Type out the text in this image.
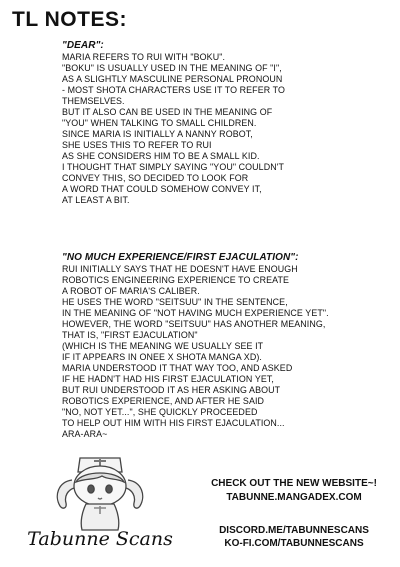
TL NOTES:
"DEAR":
MARIA REFERS TO RUI WITH "BOKU".
"BOKU" IS USUALLY USED IN THE MEANING OF "I",
AS A SLIGHTLY MASCULINE PERSONAL PRONOUN
- MOST SHOTA CHARACTERS USE IT TO REFER TO
THEMSELVES.
BUT IT ALSO CAN BE USED IN THE MEANING OF
"YOU" WHEN TALKING TO SMALL CHILDREN.
SINCE MARIA IS INITIALLY A NANNY ROBOT,
SHE USES THIS TO REFER TO RUI
AS SHE CONSIDERS HIM TO BE A SMALL KID.
I THOUGHT THAT SIMPLY SAYING "YOU" COULDN'T
CONVEY THIS, SO DECIDED TO LOOK FOR
A WORD THAT COULD SOMEHOW CONVEY IT,
AT LEAST A BIT.
"NO MUCH EXPERIENCE/FIRST EJACULATION":
RUI INITIALLY SAYS THAT HE DOESN'T HAVE ENOUGH
ROBOTICS ENGINEERING EXPERIENCE TO CREATE
A ROBOT OF MARIA'S CALIBER.
HE USES THE WORD "SEITSUU" IN THE SENTENCE,
IN THE MEANING OF "NOT HAVING MUCH EXPERIENCE YET".
HOWEVER, THE WORD "SEITSUU" HAS ANOTHER MEANING,
THAT IS, "FIRST EJACULATION"
(WHICH IS THE MEANING WE USUALLY SEE IT
IF IT APPEARS IN ONEE X SHOTA MANGA XD).
MARIA UNDERSTOOD IT THAT WAY TOO, AND ASKED
IF HE HADN'T HAD HIS FIRST EJACULATION YET,
BUT RUI UNDERSTOOD IT AS HER ASKING ABOUT
ROBOTICS EXPERIENCE, AND AFTER HE SAID
"NO, NOT YET...", SHE QUICKLY PROCEEDED
TO HELP OUT HIM WITH HIS FIRST EJACULATION...
ARA-ARA~
Tabunne Scans
CHECK OUT THE NEW WEBSITE~!
TABUNNE.MANGADEX.COM
DISCORD.ME/TABUNNESCANS
KO-FI.COM/TABUNNESCANS
